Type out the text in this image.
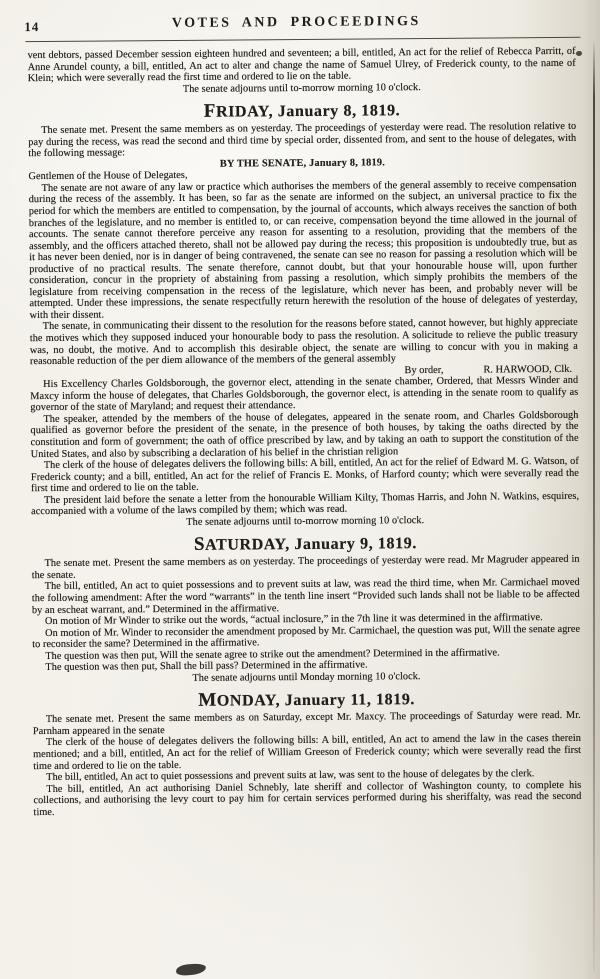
14	VOTES AND PROCEEDINGS

vent debtors, passed December session eighteen hundred and seventeen; a bill, entitled, An act for the relief of Rebecca Parritt, of Anne Arundel county, a bill, entitled, An act to alter and change the name of Samuel Ulrey, of Frederick county, to the name of Klein; which were severally read the first time and ordered to lie on the table.

The senate adjourns until to-morrow morning 10 o'clock.

FRIDAY, January 8, 1819.

The senate met. Present the same members as on yesterday. The proceedings of yesterday were read. The resolution relative to pay during the recess, was read the second and third time by special order, dissented from, and sent to the house of delegates, with the following message:

BY THE SENATE, January 8, 1819.

Gentlemen of the House of Delegates,

The senate are not aware of any law or practice which authorises the members of the general assembly to receive compensation during the recess of the assembly. It has been, so far as the senate are informed on the subject, an universal practice to fix the period for which the members are entitled to compensation, by the journal of accounts, which always receives the sanction of both branches of the legislature, and no member is entitled to, or can receive, compensation beyond the time allowed in the journal of accounts. The senate cannot therefore perceive any reason for assenting to a resolution, providing that the members of the assembly, and the officers attached thereto, shall not be allowed pay during the recess; this proposition is undoubtedly true, but as it has never been denied, nor is in danger of being contravened, the senate can see no reason for passing a resolution which will be productive of no practical results. The senate therefore, cannot doubt, but that your honourable house will, upon further consideration, concur in the propriety of abstaining from passing a resolution, which simply prohibits the members of the legislature from receiving compensation in the recess of the legislature, which never has been, and probably never will be attempted. Under these impressions, the senate respectfully return herewith the resolution of the house of delegates of yesterday, with their dissent.

The senate, in communicating their dissent to the resolution for the reasons before stated, cannot however, but highly appreciate the motives which they supposed induced your honourable body to pass the resolution. A solicitude to relieve the public treasury was, no doubt, the motive. And to accomplish this desirable object, the senate are willing to concur with you in making a reasonable reduction of the per diem allowance of the members of the general assembly

By order,	R. HARWOOD, Clk.

His Excellency Charles Goldsborough, the governor elect, attending in the senate chamber, Ordered, that Messrs Winder and Maxcy inform the house of delegates, that Charles Goldsborough, the governor elect, is attending in the senate room to qualify as governor of the state of Maryland; and request their attendance.

The speaker, attended by the members of the house of delegates, appeared in the senate room, and Charles Goldsborough qualified as governor before the president of the senate, in the presence of both houses, by taking the oaths directed by the constitution and form of government; the oath of office prescribed by law, and by taking an oath to support the constitution of the United States, and also by subscribing a declaration of his belief in the christian religion

The clerk of the house of delegates delivers the following bills: A bill, entitled, An act for the relief of Edward M. G. Watson, of Frederick county; and a bill, entitled, An act for the relief of Francis E. Monks, of Harford county; which were severally read the first time and ordered to lie on the table.

The president laid before the senate a letter from the honourable William Kilty, Thomas Harris, and John N. Watkins, esquires, accompanied with a volume of the laws compiled by them; which was read.

The senate adjourns until to-morrow morning 10 o'clock.

SATURDAY, January 9, 1819.

The senate met. Present the same members as on yesterday. The proceedings of yesterday were read. Mr Magruder appeared in the senate.

The bill, entitled, An act to quiet possessions and to prevent suits at law, was read the third time, when Mr. Carmichael moved the following amendment: After the word “warrants” in the tenth line insert “Provided such lands shall not be liable to be affected by an escheat warrant, and.” Determined in the affirmative.

On motion of Mr Winder to strike out the words, “actual inclosure,” in the 7th line it was determined in the affirmative.

On motion of Mr. Winder to reconsider the amendment proposed by Mr. Carmichael, the question was put, Will the senate agree to reconsider the same? Determined in the affirmative.

The question was then put, Will the senate agree to strike out the amendment? Determined in the affirmative.

The question was then put, Shall the bill pass? Determined in the affirmative.

The senate adjourns until Monday morning 10 o'clock.

MONDAY, January 11, 1819.

The senate met. Present the same members as on Saturday, except Mr. Maxcy. The proceedings of Saturday were read. Mr. Parnham appeared in the senate

The clerk of the house of delegates delivers the following bills: A bill, entitled, An act to amend the law in the cases therein mentioned; and a bill, entitled, An act for the relief of William Greeson of Frederick county; which were severally read the first time and ordered to lie on the table.

The bill, entitled, An act to quiet possessions and prevent suits at law, was sent to the house of delegates by the clerk.

The bill, entitled, An act authorising Daniel Schnebly, late sheriff and collector of Washington county, to complete his collections, and authorising the levy court to pay him for certain services performed during his sheriffalty, was read the second time.
